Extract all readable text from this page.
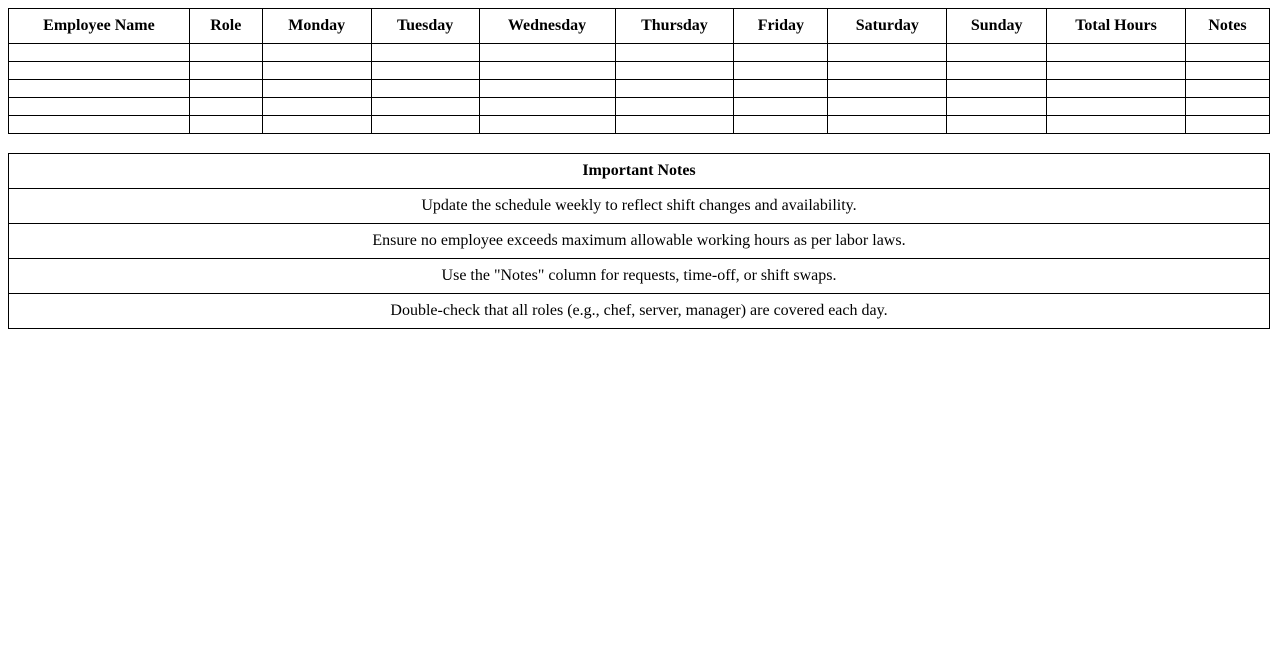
Employee Name	Role	Monday	Tuesday	Wednesday	Thursday	Friday	Saturday	Sunday	Total Hours	Notes

Important Notes
Update the schedule weekly to reflect shift changes and availability.
Ensure no employee exceeds maximum allowable working hours as per labor laws.
Use the "Notes" column for requests, time-off, or shift swaps.
Double-check that all roles (e.g., chef, server, manager) are covered each day.
